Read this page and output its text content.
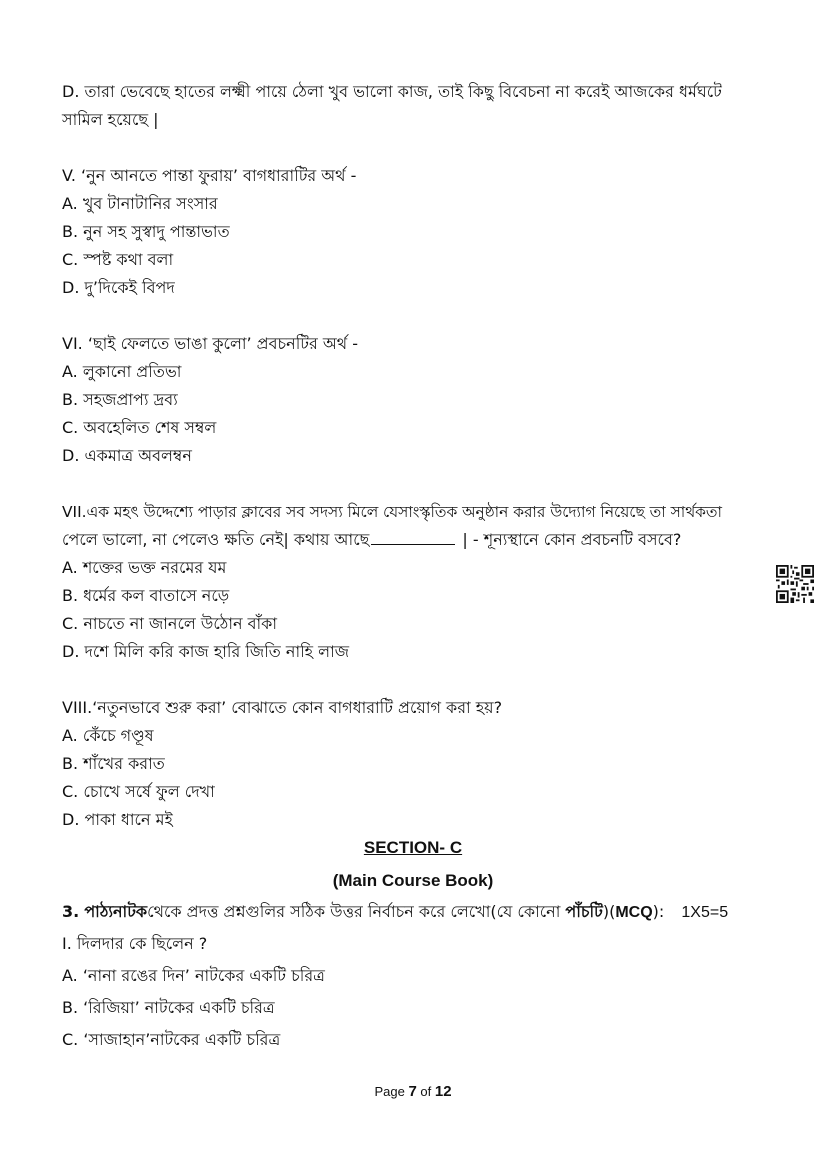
D. তারা ভেবেছে হাতের লক্ষ্মী পায়ে ঠেলা খুব ভালো কাজ, তাই কিছু বিবেচনা না করেই আজকের ধর্মঘটে
সামিল হয়েছে |
V. ‘নুন আনতে পান্তা ফুরায়’ বাগধারাটির অর্থ -
A. খুব টানাটানির সংসার
B. নুন সহ সুস্বাদু পান্তাভাত
C. স্পষ্ট কথা বলা
D. দু’দিকেই বিপদ
VI. ‘ছাই ফেলতে ভাঙা কুলো’ প্রবচনটির অর্থ -
A. লুকানো প্রতিভা
B. সহজপ্রাপ্য দ্রব্য
C. অবহেলিত শেষ সম্বল
D. একমাত্র অবলম্বন
VII.এক মহৎ উদ্দেশ্যে পাড়ার ক্লাবের সব সদস্য মিলে যেসাংস্কৃতিক অনুষ্ঠান করার উদ্যোগ নিয়েছে তা সার্থকতা
পেলে ভালো, না পেলেও ক্ষতি নেই| কথায় আছে	| - শূন্যস্থানে কোন প্রবচনটি বসবে?
A. শক্তের ভক্ত নরমের যম
B. ধর্মের কল বাতাসে নড়ে
C. নাচতে না জানলে উঠোন বাঁকা
D. দশে মিলি করি কাজ হারি জিতি নাহি লাজ
VIII.‘নতুনভাবে শুরু করা’ বোঝাতে কোন বাগধারাটি প্রয়োগ করা হয়?
A. কেঁচে গণ্ডূষ
B. শাঁখের করাত
C. চোখে সর্ষে ফুল দেখা
D. পাকা ধানে মই
SECTION- C
(Main Course Book)
3. পাঠ্যনাটকথেকে প্রদত্ত প্রশ্নগুলির সঠিক উত্তর নির্বাচন করে লেখো(যে কোনো পাঁচটি)(MCQ): 1X5=5
I. দিলদার কে ছিলেন ?
A. ‘নানা রঙের দিন’ নাটকের একটি চরিত্র
B. ‘রিজিয়া’ নাটকের একটি চরিত্র
C. ‘সাজাহান’নাটকের একটি চরিত্র
Page 7 of 12
